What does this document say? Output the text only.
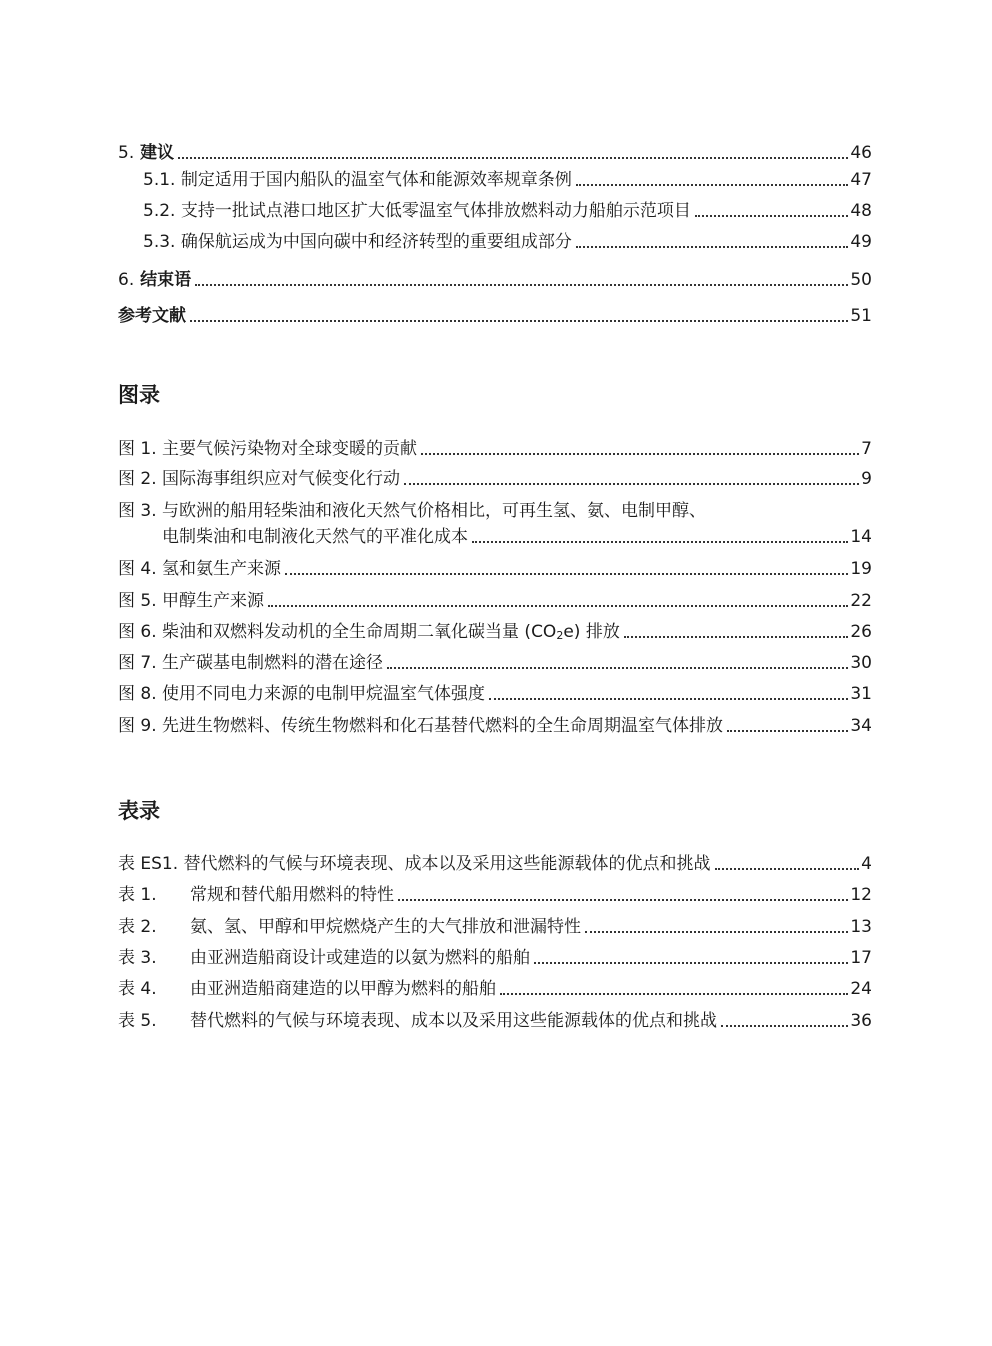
5. 建议	46
5.1. 制定适用于国内船队的温室气体和能源效率规章条例	47
5.2. 支持一批试点港口地区扩大低零温室气体排放燃料动力船舶示范项目	48
5.3. 确保航运成为中国向碳中和经济转型的重要组成部分	49
6. 结束语	50
参考文献	51
图录
图 1. 主要气候污染物对全球变暖的贡献	7
图 2. 国际海事组织应对气候变化行动	9
图 3.
与欧洲的船用轻柴油和液化天然气价格相比，可再生氢、氨、电制甲醇、
电制柴油和电制液化天然气的平准化成本	14
图 4. 氢和氨生产来源	19
图 5. 甲醇生产来源	22
图 6. 柴油和双燃料发动机的全生命周期二氧化碳当量 $(CO_2e)$ 排放	26
图 7. 生产碳基电制燃料的潜在途径	30
图 8. 使用不同电力来源的电制甲烷温室气体强度	31
图 9. 先进生物燃料、传统生物燃料和化石基替代燃料的全生命周期温室气体排放	34
表录
表 ES1. 替代燃料的气候与环境表现、成本以及采用这些能源载体的优点和挑战	4
表 1. 常规和替代船用燃料的特性	12
表 2. 氨、氢、甲醇和甲烷燃烧产生的大气排放和泄漏特性	13
表 3. 由亚洲造船商设计或建造的以氨为燃料的船舶	17
表 4. 由亚洲造船商建造的以甲醇为燃料的船舶	24
表 5. 替代燃料的气候与环境表现、成本以及采用这些能源载体的优点和挑战	36
